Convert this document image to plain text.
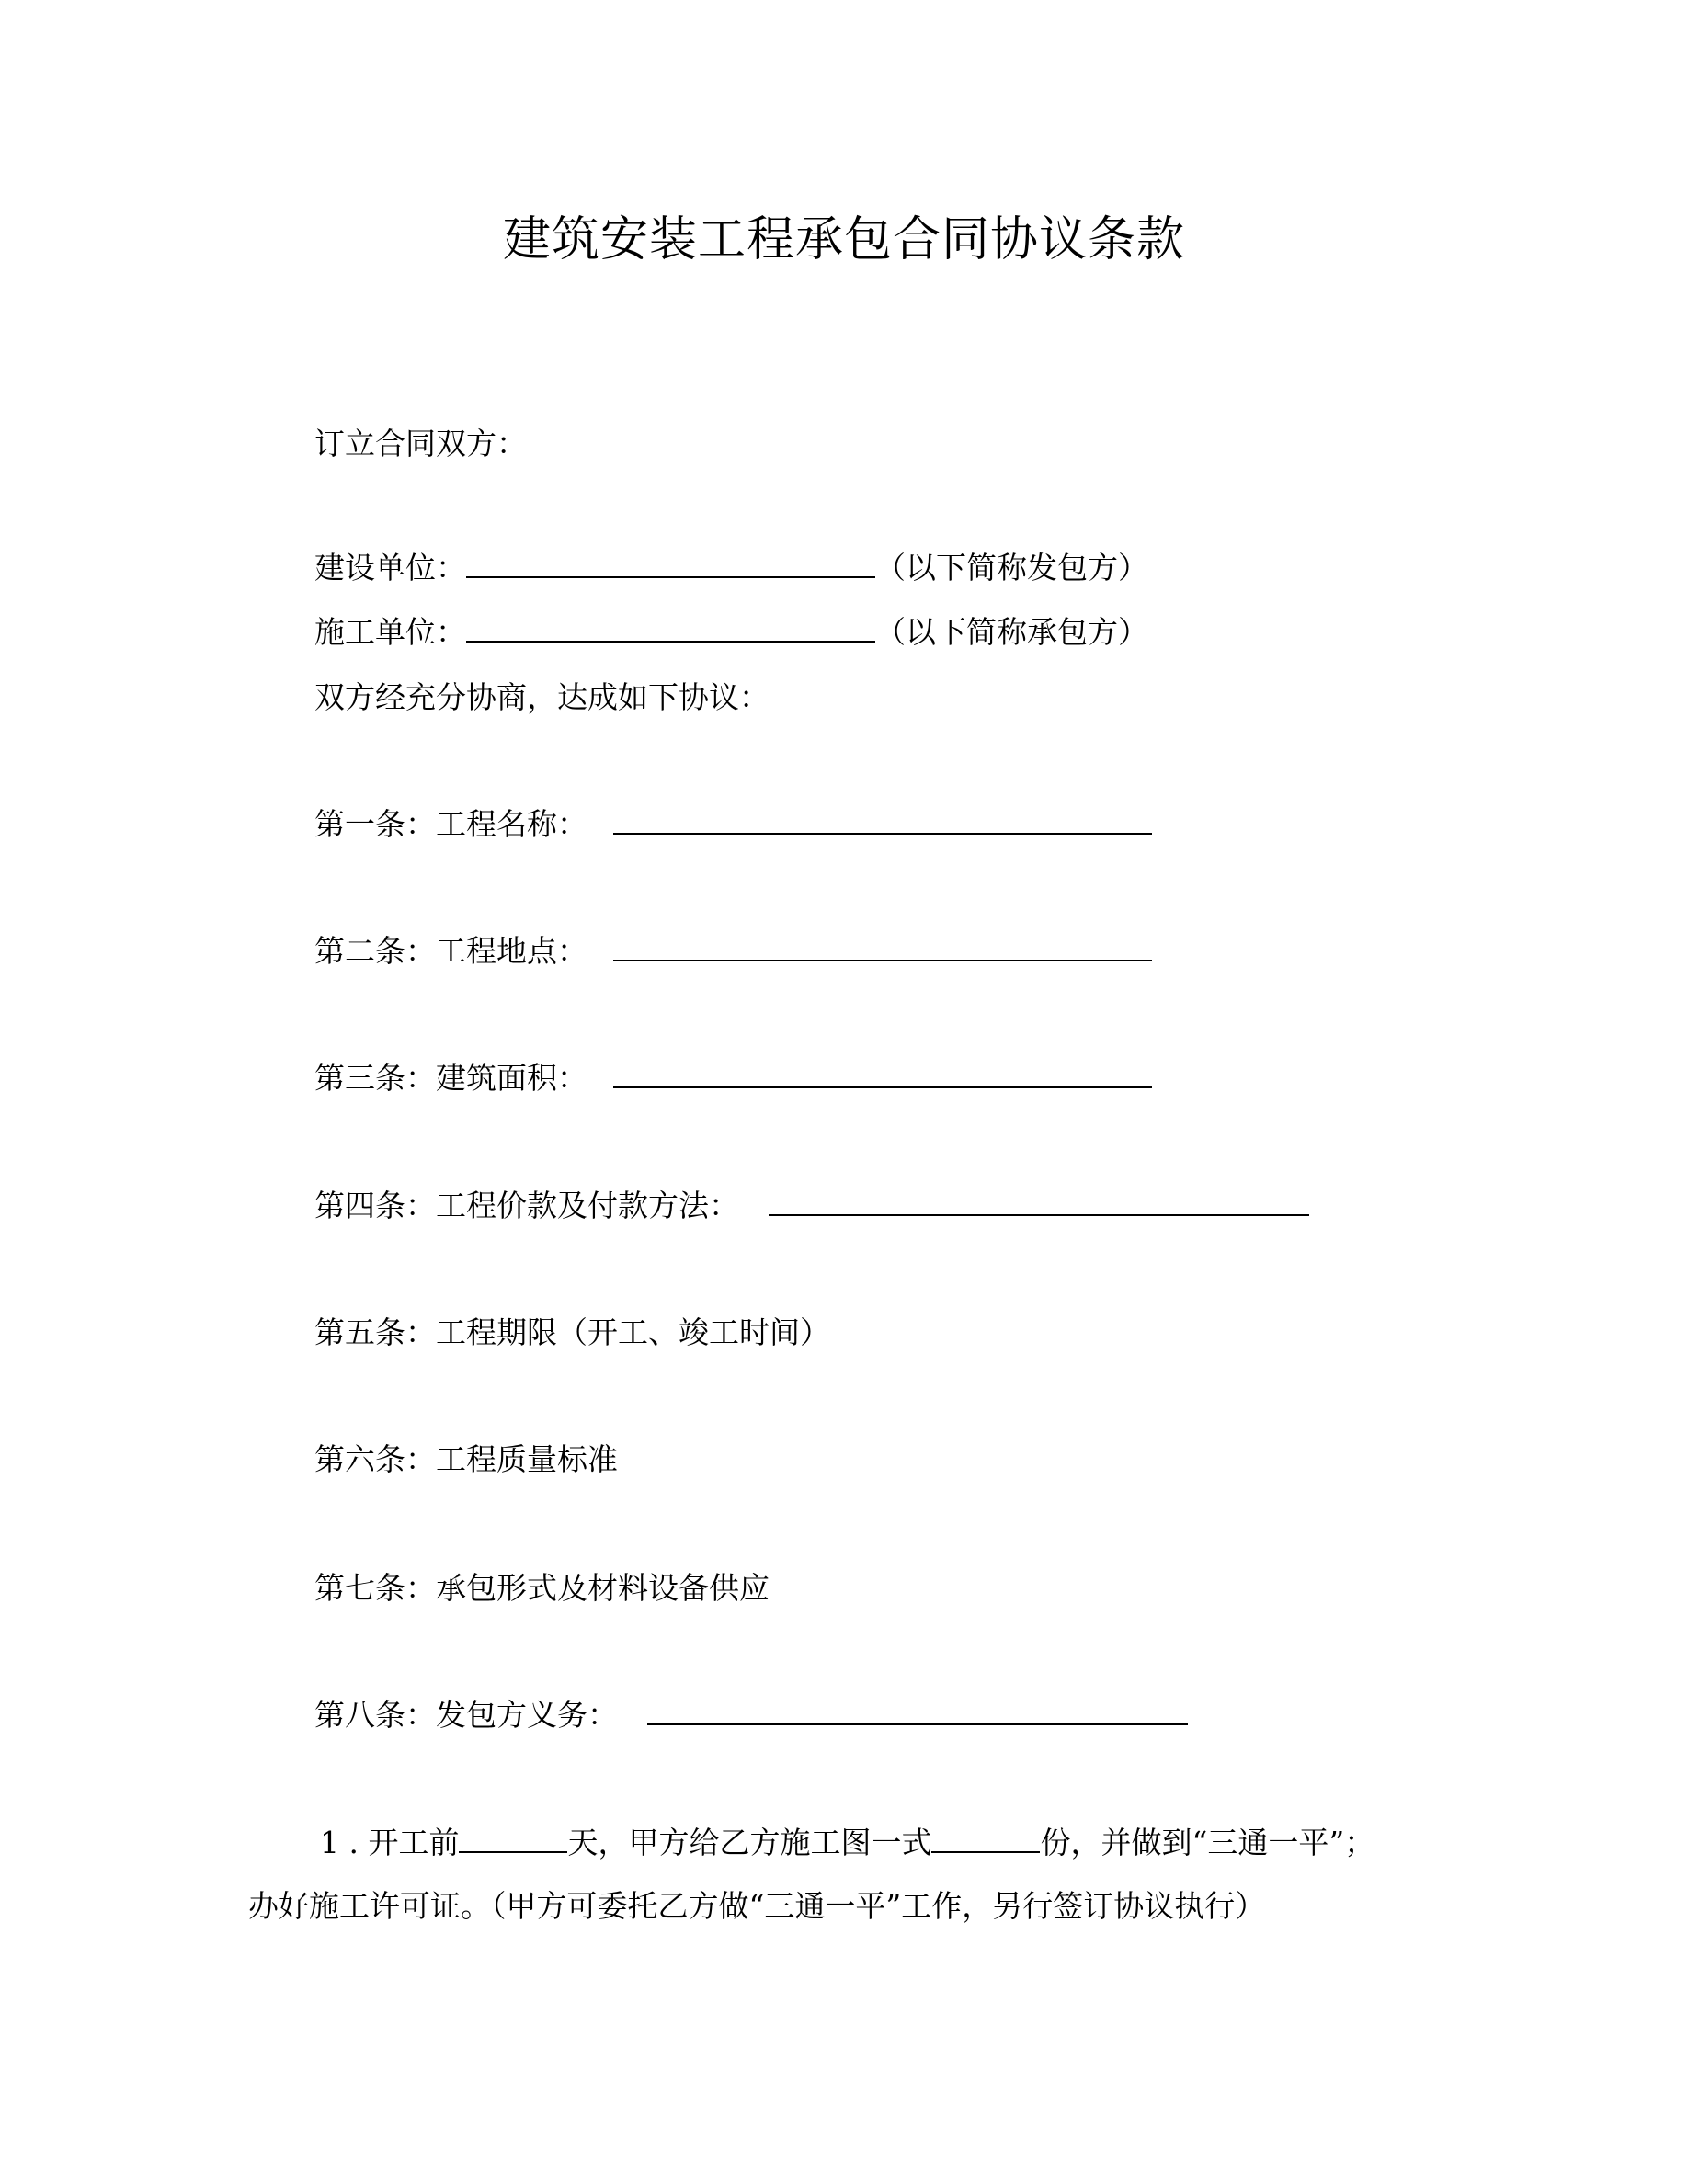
建筑安装工程承包合同协议条款
订立合同双方：
建设单位：	（以下简称发包方）
施工单位：	（以下简称承包方）
双方经充分协商，达成如下协议：
第一条：工程名称：
第二条：工程地点：
第三条：建筑面积：
第四条：工程价款及付款方法：
第五条：工程期限（开工、竣工时间）
第六条：工程质量标准
第七条：承包形式及材料设备供应
第八条：发包方义务：
1 . 开工前	天，甲方给乙方施工图一式	份，并做到“三通一平”；
办好施工许可证。（甲方可委托乙方做“三通一平”工作，另行签订协议执行）
